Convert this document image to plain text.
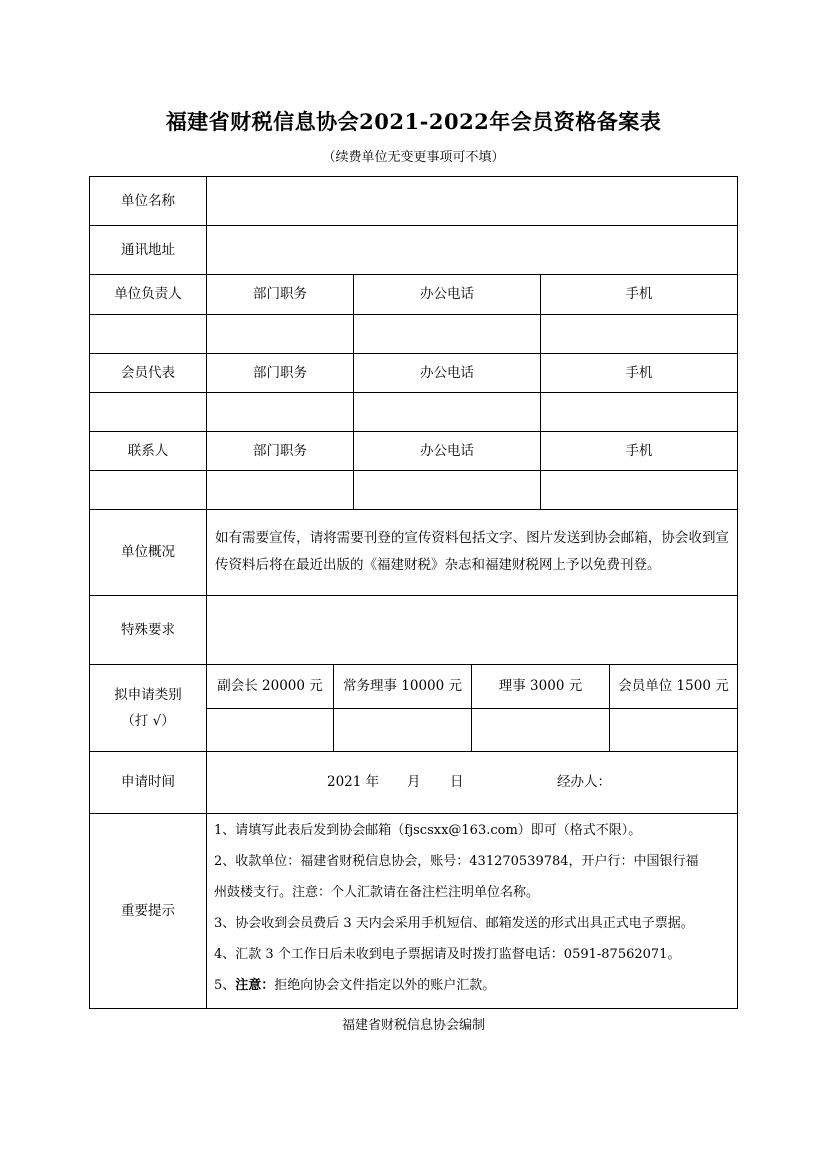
福建省财税信息协会2021-2022年会员资格备案表
（续费单位无变更事项可不填）
单位名称
通讯地址
单位负责人	部门职务	办公电话	手机
会员代表	部门职务	办公电话	手机
联系人	部门职务	办公电话	手机
单位概况
如有需要宣传，请将需要刊登的宣传资料包括文字、图片发送到协会邮箱，协会收到宣传资料后将在最近出版的《福建财税》杂志和福建财税网上予以免费刊登。
特殊要求
拟申请类别
（打 √）
副会长 20000 元	常务理事 10000 元	理事 3000 元	会员单位 1500 元
申请时间	2021 年	月	日	经办人：
重要提示
1、请填写此表后发到协会邮箱（fjscsxx@163.com）即可（格式不限）。
2、收款单位：福建省财税信息协会，账号：431270539784，开户行：中国银行福
州鼓楼支行。注意：个人汇款请在备注栏注明单位名称。
3、协会收到会员费后 3 天内会采用手机短信、邮箱发送的形式出具正式电子票据。
4、汇款 3 个工作日后未收到电子票据请及时拨打监督电话：0591-87562071。
5、注意：拒绝向协会文件指定以外的账户汇款。
福建省财税信息协会编制
